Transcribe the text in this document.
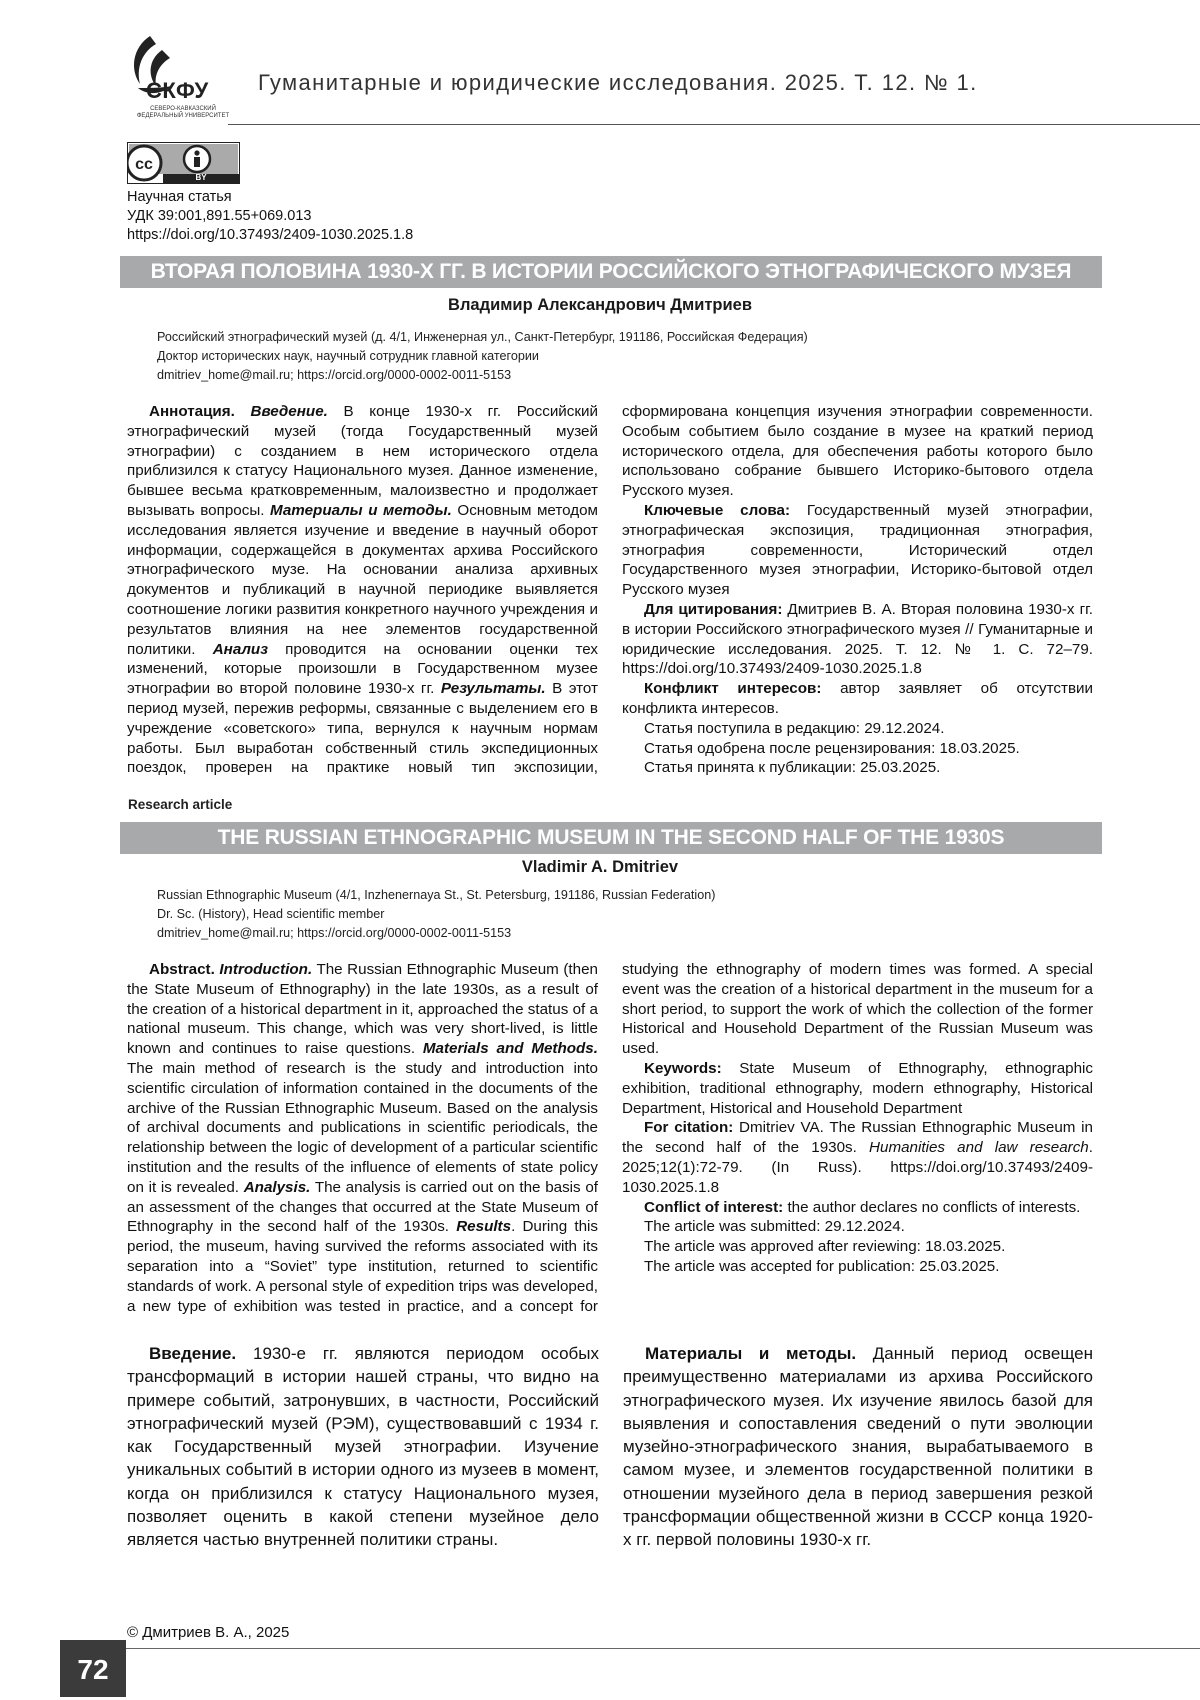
СКФУ
СЕВЕРО-КАВКАЗСКИЙ ФЕДЕРАЛЬНЫЙ УНИВЕРСИТЕТ
Гуманитарные и юридические исследования. 2025. Т. 12. № 1.
cc
BY
Научная статья
УДК 39:001,891.55+069.013
https://doi.org/10.37493/2409-1030.2025.1.8
ВТОРАЯ ПОЛОВИНА 1930-Х ГГ. В ИСТОРИИ РОССИЙСКОГО ЭТНОГРАФИЧЕСКОГО МУЗЕЯ
Владимир Александрович Дмитриев
Российский этнографический музей (д. 4/1, Инженерная ул., Санкт-Петербург, 191186, Российская Федерация)
Доктор исторических наук, научный сотрудник главной категории
dmitriev_home@mail.ru; https://orcid.org/0000-0002-0011-5153

Аннотация. Введение. В конце 1930-х гг. Российский этнографический музей (тогда Государственный музей этнографии) с созданием в нем исторического отдела приблизился к статусу Национального музея. Данное изменение, бывшее весьма кратковременным, малоизвестно и продолжает вызывать вопросы. Материалы и методы. Основным методом исследования является изучение и введение в научный оборот информации, содержащейся в документах архива Российского этнографического музе. На основании анализа архивных документов и публикаций в научной периодике выявляется соотношение логики развития конкретного научного учреждения и результатов влияния на нее элементов государственной политики. Анализ проводится на основании оценки тех изменений, которые произошли в Государственном музее этнографии во второй половине 1930-х гг. Результаты. В этот период музей, пережив реформы, связанные с выделением его в учреждение «советского» типа, вернулся к научным нормам работы. Был выработан собственный стиль экспедиционных поездок, проверен на практике новый тип экспозиции, сформирована концепция изучения этнографии современности. Особым событием было создание в музее на краткий период исторического отдела, для обеспечения работы которого было использовано собрание бывшего Историко-бытового отдела Русского музея.

Ключевые слова: Государственный музей этнографии, этнографическая экспозиция, традиционная этнография, этнография современности, Исторический отдел Государственного музея этнографии, Историко-бытовой отдел Русского музея

Для цитирования: Дмитриев В. А. Вторая половина 1930-х гг. в истории Российского этнографического музея // Гуманитарные и юридические исследования. 2025. Т. 12. № 1. С. 72–79. https://doi.org/10.37493/2409-1030.2025.1.8

Конфликт интересов: автор заявляет об отсутствии конфликта интересов.

Статья поступила в редакцию: 29.12.2024.

Статья одобрена после рецензирования: 18.03.2025.

Статья принята к публикации: 25.03.2025.

Research article
THE RUSSIAN ETHNOGRAPHIC MUSEUM IN THE SECOND HALF OF THE 1930S
Vladimir A. Dmitriev
Russian Ethnographic Museum (4/1, Inzhenernaya St., St. Petersburg, 191186, Russian Federation)
Dr. Sc. (History), Head scientific member
dmitriev_home@mail.ru; https://orcid.org/0000-0002-0011-5153

Abstract. Introduction. The Russian Ethnographic Museum (then the State Museum of Ethnography) in the late 1930s, as a result of the creation of a historical department in it, approached the status of a national museum. This change, which was very short-lived, is little known and continues to raise questions. Materials and Methods. The main method of research is the study and introduction into scientific circulation of information contained in the documents of the archive of the Russian Ethnographic Museum. Based on the analysis of archival documents and publications in scientific periodicals, the relationship between the logic of development of a particular scientific institution and the results of the influence of elements of state policy on it is revealed. Analysis. The analysis is carried out on the basis of an assessment of the changes that occurred at the State Museum of Ethnography in the second half of the 1930s. Results. During this period, the museum, having survived the reforms associated with its separation into a “Soviet” type institution, returned to scientific standards of work. A personal style of expedition trips was developed, a new type of exhibition was tested in practice, and a concept for studying the ethnography of modern times was formed. A special event was the creation of a historical department in the museum for a short period, to support the work of which the collection of the former Historical and Household Department of the Russian Museum was used.

Keywords: State Museum of Ethnography, ethnographic exhibition, traditional ethnography, modern ethnography, Historical Department, Historical and Household Department

For citation: Dmitriev VA. The Russian Ethnographic Museum in the second half of the 1930s. Humanities and law research. 2025;12(1):72-79. (In Russ). https://doi.org/10.37493/2409-1030.2025.1.8

Conflict of interest: the author declares no conflicts of interests.

The article was submitted: 29.12.2024.

The article was approved after reviewing: 18.03.2025.

The article was accepted for publication: 25.03.2025.

Введение. 1930-е гг. являются периодом особых трансформаций в истории нашей страны, что видно на примере событий, затронувших, в частности, Российский этнографический музей (РЭМ), существовавший с 1934 г. как Государственный музей этнографии. Изучение уникальных событий в истории одного из музеев в момент, когда он приблизился к статусу Национального музея, позволяет оценить в какой степени музейное дело является частью внутренней политики страны.

Материалы и методы. Данный период освещен преимущественно материалами из архива Российского этнографического музея. Их изучение явилось базой для выявления и сопоставления сведений о пути эволюции музейно-этнографического знания, вырабатываемого в самом музее, и элементов государственной политики в отношении музейного дела в период завершения резкой трансформации общественной жизни в СССР конца 1920-х гг. первой половины 1930-х гг.

© Дмитриев В. А., 2025
72
